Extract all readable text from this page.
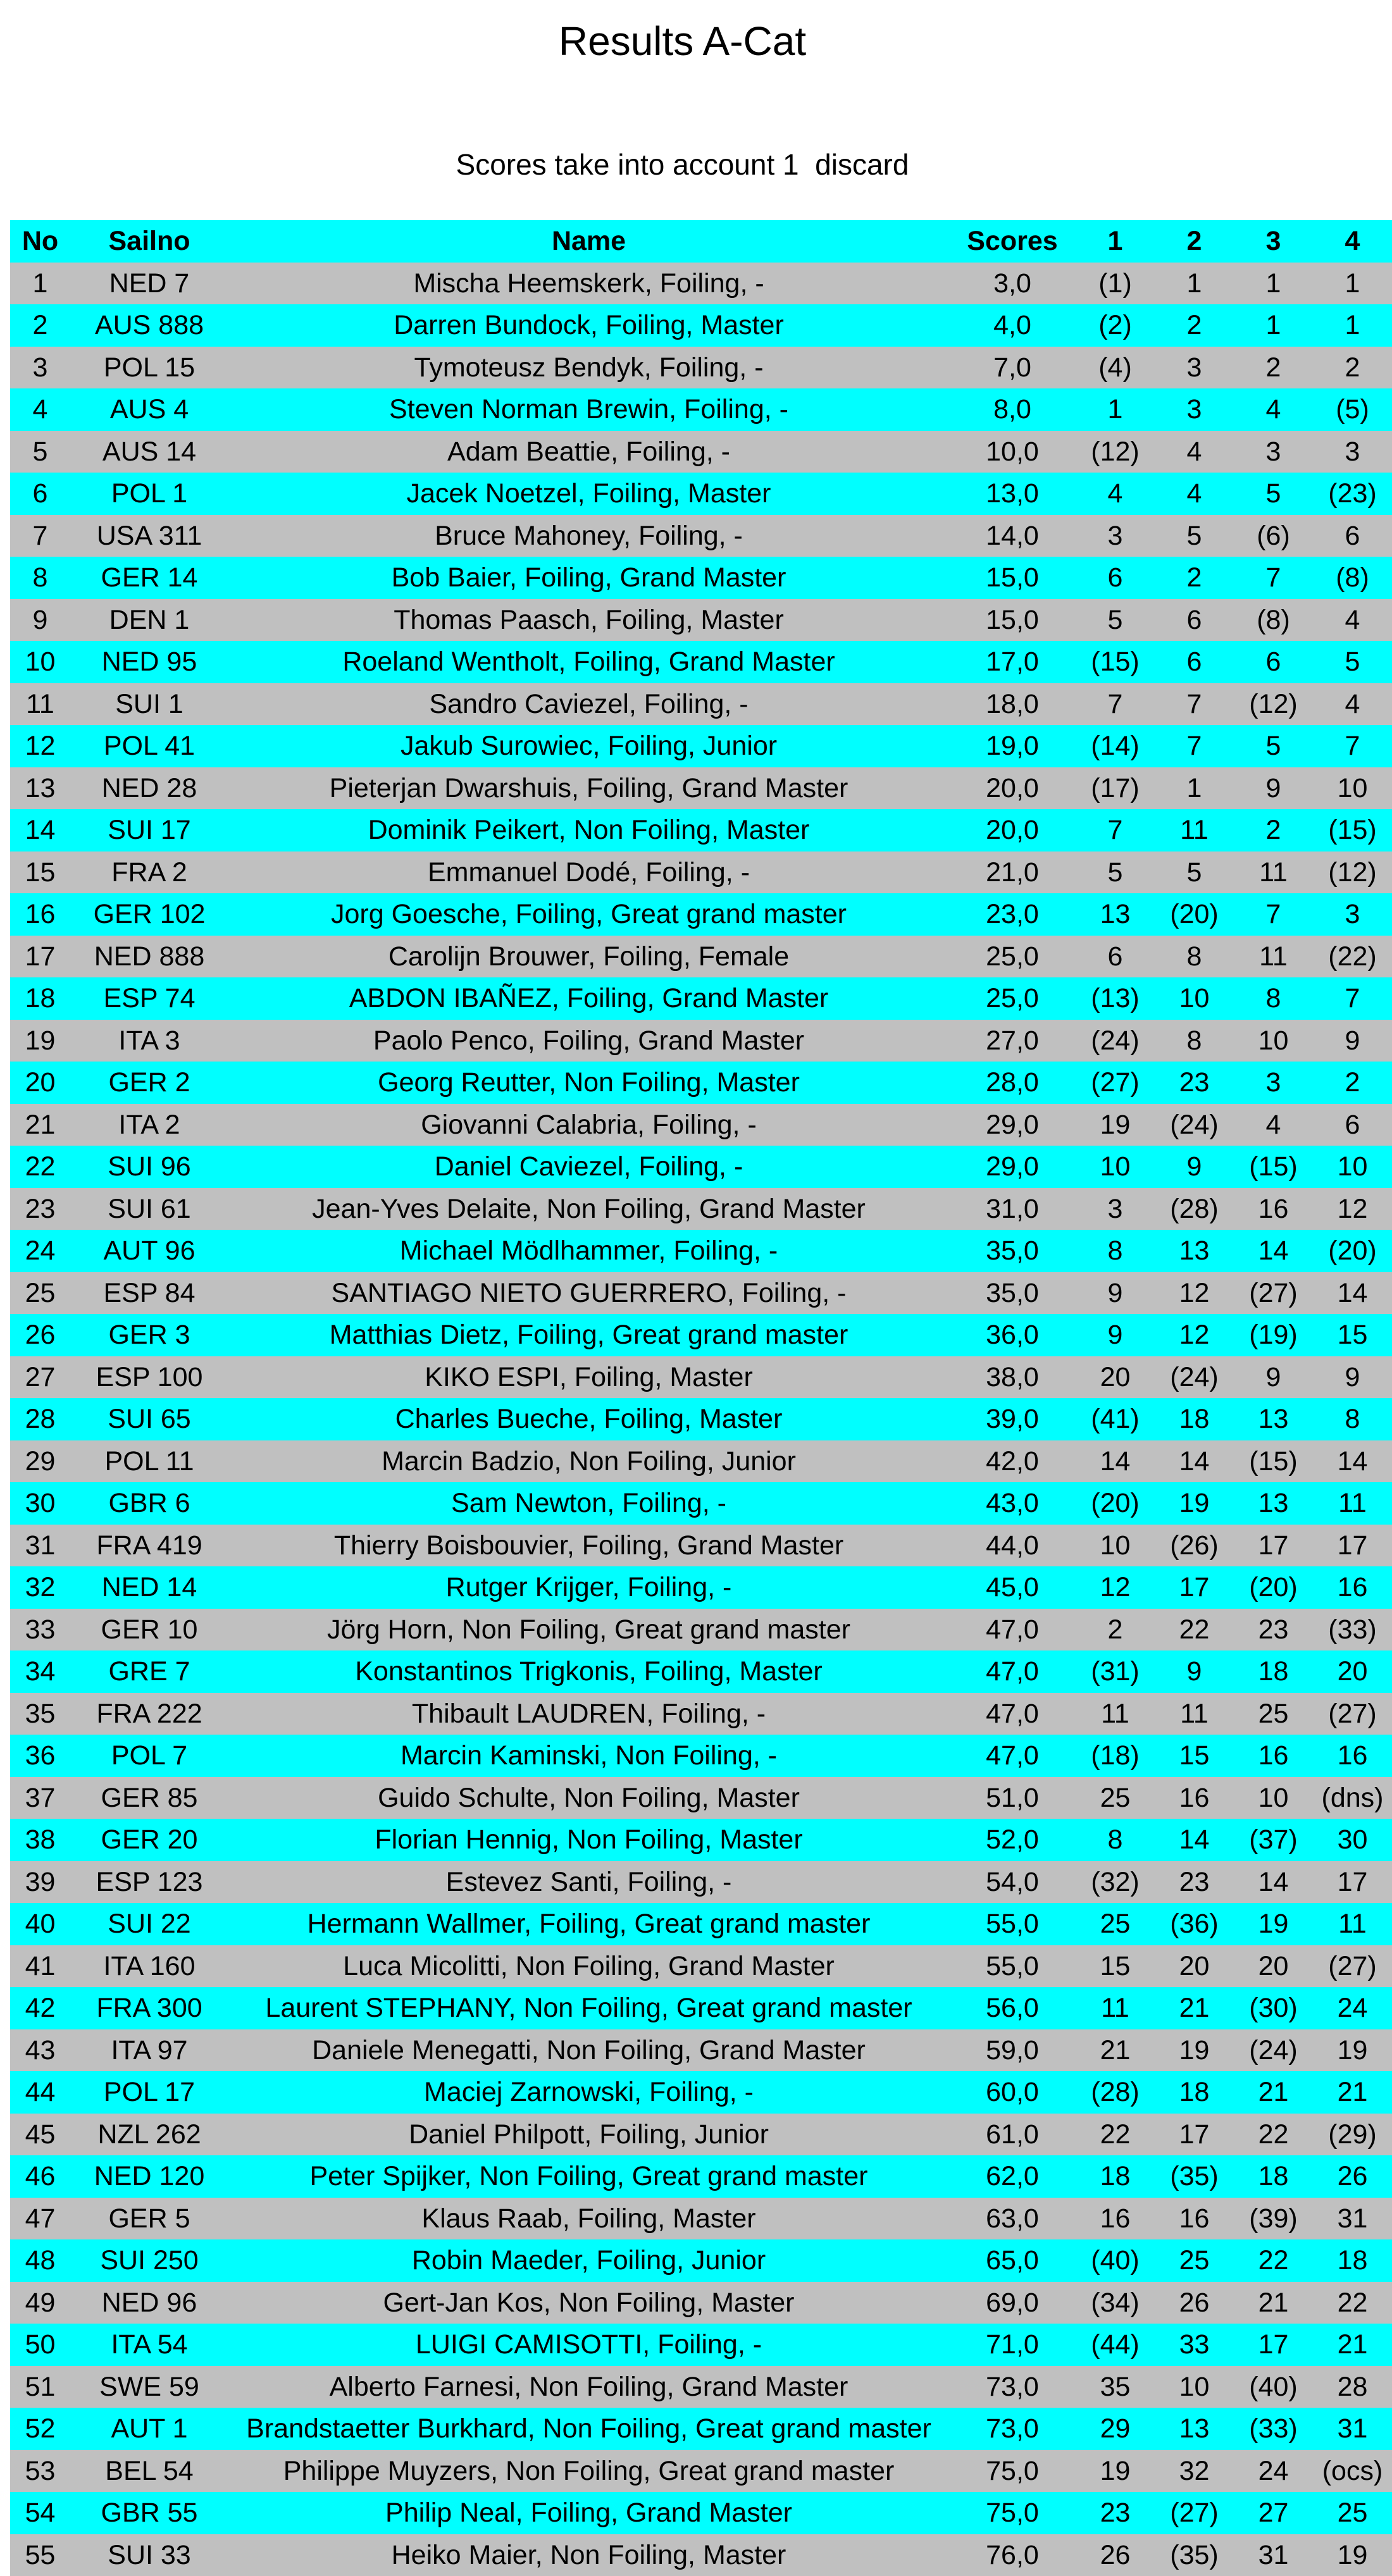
Results A-Cat
Scores take into account 1  discard
No	Sailno	Name	Scores	1	2	3	4
1	NED 7	Mischa Heemskerk, Foiling, -	3,0	(1)	1	1	1
2	AUS 888	Darren Bundock, Foiling, Master	4,0	(2)	2	1	1
3	POL 15	Tymoteusz Bendyk, Foiling, -	7,0	(4)	3	2	2
4	AUS 4	Steven Norman Brewin, Foiling, -	8,0	1	3	4	(5)
5	AUS 14	Adam Beattie, Foiling, -	10,0	(12)	4	3	3
6	POL 1	Jacek Noetzel, Foiling, Master	13,0	4	4	5	(23)
7	USA 311	Bruce Mahoney, Foiling, -	14,0	3	5	(6)	6
8	GER 14	Bob Baier, Foiling, Grand Master	15,0	6	2	7	(8)
9	DEN 1	Thomas Paasch, Foiling, Master	15,0	5	6	(8)	4
10	NED 95	Roeland Wentholt, Foiling, Grand Master	17,0	(15)	6	6	5
11	SUI 1	Sandro Caviezel, Foiling, -	18,0	7	7	(12)	4
12	POL 41	Jakub Surowiec, Foiling, Junior	19,0	(14)	7	5	7
13	NED 28	Pieterjan Dwarshuis, Foiling, Grand Master	20,0	(17)	1	9	10
14	SUI 17	Dominik Peikert, Non Foiling, Master	20,0	7	11	2	(15)
15	FRA 2	Emmanuel Dodé, Foiling, -	21,0	5	5	11	(12)
16	GER 102	Jorg Goesche, Foiling, Great grand master	23,0	13	(20)	7	3
17	NED 888	Carolijn Brouwer, Foiling, Female	25,0	6	8	11	(22)
18	ESP 74	ABDON IBAÑEZ, Foiling, Grand Master	25,0	(13)	10	8	7
19	ITA 3	Paolo Penco, Foiling, Grand Master	27,0	(24)	8	10	9
20	GER 2	Georg Reutter, Non Foiling, Master	28,0	(27)	23	3	2
21	ITA 2	Giovanni Calabria, Foiling, -	29,0	19	(24)	4	6
22	SUI 96	Daniel Caviezel, Foiling, -	29,0	10	9	(15)	10
23	SUI 61	Jean-Yves Delaite, Non Foiling, Grand Master	31,0	3	(28)	16	12
24	AUT 96	Michael Mödlhammer, Foiling, -	35,0	8	13	14	(20)
25	ESP 84	SANTIAGO NIETO GUERRERO, Foiling, -	35,0	9	12	(27)	14
26	GER 3	Matthias Dietz, Foiling, Great grand master	36,0	9	12	(19)	15
27	ESP 100	KIKO ESPI, Foiling, Master	38,0	20	(24)	9	9
28	SUI 65	Charles Bueche, Foiling, Master	39,0	(41)	18	13	8
29	POL 11	Marcin Badzio, Non Foiling, Junior	42,0	14	14	(15)	14
30	GBR 6	Sam Newton, Foiling, -	43,0	(20)	19	13	11
31	FRA 419	Thierry Boisbouvier, Foiling, Grand Master	44,0	10	(26)	17	17
32	NED 14	Rutger Krijger, Foiling, -	45,0	12	17	(20)	16
33	GER 10	Jörg Horn, Non Foiling, Great grand master	47,0	2	22	23	(33)
34	GRE 7	Konstantinos Trigkonis, Foiling, Master	47,0	(31)	9	18	20
35	FRA 222	Thibault LAUDREN, Foiling, -	47,0	11	11	25	(27)
36	POL 7	Marcin Kaminski, Non Foiling, -	47,0	(18)	15	16	16
37	GER 85	Guido Schulte, Non Foiling, Master	51,0	25	16	10	(dns)
38	GER 20	Florian Hennig, Non Foiling, Master	52,0	8	14	(37)	30
39	ESP 123	Estevez Santi, Foiling, -	54,0	(32)	23	14	17
40	SUI 22	Hermann Wallmer, Foiling, Great grand master	55,0	25	(36)	19	11
41	ITA 160	Luca Micolitti, Non Foiling, Grand Master	55,0	15	20	20	(27)
42	FRA 300	Laurent STEPHANY, Non Foiling, Great grand master	56,0	11	21	(30)	24
43	ITA 97	Daniele Menegatti, Non Foiling, Grand Master	59,0	21	19	(24)	19
44	POL 17	Maciej Zarnowski, Foiling, -	60,0	(28)	18	21	21
45	NZL 262	Daniel Philpott, Foiling, Junior	61,0	22	17	22	(29)
46	NED 120	Peter Spijker, Non Foiling, Great grand master	62,0	18	(35)	18	26
47	GER 5	Klaus Raab, Foiling, Master	63,0	16	16	(39)	31
48	SUI 250	Robin Maeder, Foiling, Junior	65,0	(40)	25	22	18
49	NED 96	Gert-Jan Kos, Non Foiling, Master	69,0	(34)	26	21	22
50	ITA 54	LUIGI CAMISOTTI, Foiling, -	71,0	(44)	33	17	21
51	SWE 59	Alberto Farnesi, Non Foiling, Grand Master	73,0	35	10	(40)	28
52	AUT 1	Brandstaetter Burkhard, Non Foiling, Great grand master	73,0	29	13	(33)	31
53	BEL 54	Philippe Muyzers, Non Foiling, Great grand master	75,0	19	32	24	(ocs)
54	GBR 55	Philip Neal, Foiling, Grand Master	75,0	23	(27)	27	25
55	SUI 33	Heiko Maier, Non Foiling, Master	76,0	26	(35)	31	19
